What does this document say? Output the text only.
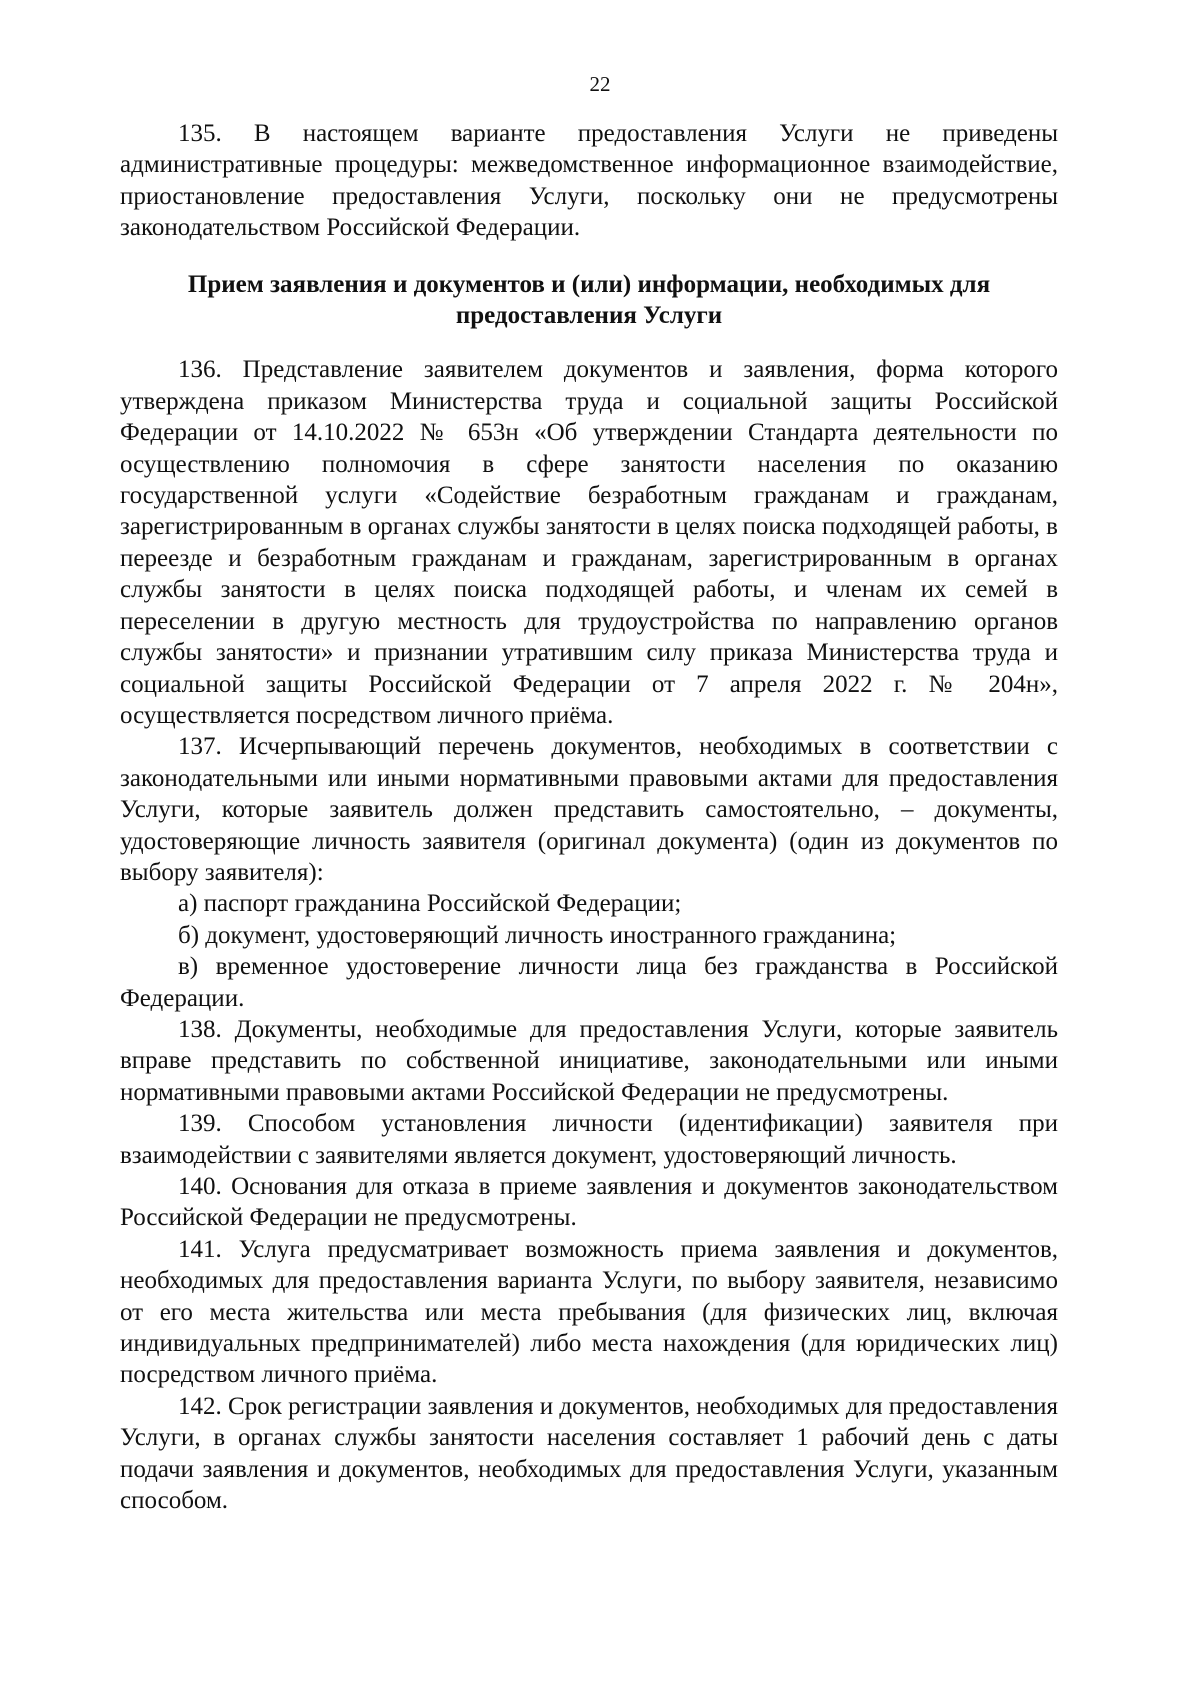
22

135. В настоящем варианте предоставления Услуги не приведены административные процедуры: межведомственное информационное взаимодействие, приостановление предоставления Услуги, поскольку они не предусмотрены законодательством Российской Федерации.

Прием заявления и документов и (или) информации, необходимых для предоставления Услуги

136. Представление заявителем документов и заявления, форма которого утверждена приказом Министерства труда и социальной защиты Российской Федерации от 14.10.2022 № 653н «Об утверждении Стандарта деятельности по осуществлению полномочия в сфере занятости населения по оказанию государственной услуги «Содействие безработным гражданам и гражданам, зарегистрированным в органах службы занятости в целях поиска подходящей работы, в переезде и безработным гражданам и гражданам, зарегистрированным в органах службы занятости в целях поиска подходящей работы, и членам их семей в переселении в другую местность для трудоустройства по направлению органов службы занятости» и признании утратившим силу приказа Министерства труда и социальной защиты Российской Федерации от 7 апреля 2022 г. № 204н», осуществляется посредством личного приёма.

137. Исчерпывающий перечень документов, необходимых в соответствии с законодательными или иными нормативными правовыми актами для предоставления Услуги, которые заявитель должен представить самостоятельно, – документы, удостоверяющие личность заявителя (оригинал документа) (один из документов по выбору заявителя):

а) паспорт гражданина Российской Федерации;

б) документ, удостоверяющий личность иностранного гражданина;

в) временное удостоверение личности лица без гражданства в Российской Федерации.

138. Документы, необходимые для предоставления Услуги, которые заявитель вправе представить по собственной инициативе, законодательными или иными нормативными правовыми актами Российской Федерации не предусмотрены.

139. Способом установления личности (идентификации) заявителя при взаимодействии с заявителями является документ, удостоверяющий личность.

140. Основания для отказа в приеме заявления и документов законодательством Российской Федерации не предусмотрены.

141. Услуга предусматривает возможность приема заявления и документов, необходимых для предоставления варианта Услуги, по выбору заявителя, независимо от его места жительства или места пребывания (для физических лиц, включая индивидуальных предпринимателей) либо места нахождения (для юридических лиц) посредством личного приёма.

142. Срок регистрации заявления и документов, необходимых для предоставления Услуги, в органах службы занятости населения составляет 1 рабочий день с даты подачи заявления и документов, необходимых для предоставления Услуги, указанным способом.
